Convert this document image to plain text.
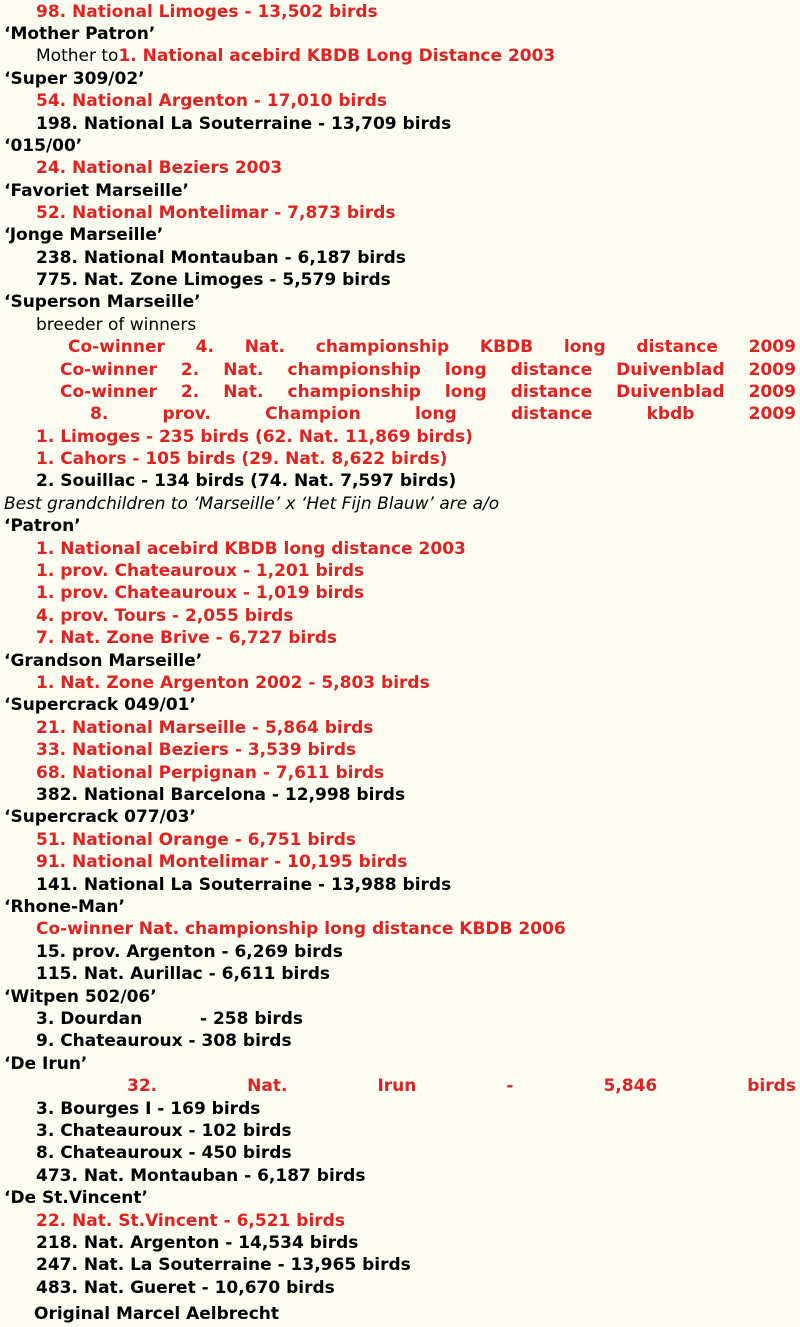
98. National Limoges - 13,502 birds
‘Mother Patron’
Mother to1. National acebird KBDB Long Distance 2003
‘Super 309/02’
54. National Argenton - 17,010 birds
198. National La Souterraine - 13,709 birds
‘015/00’
24. National Beziers 2003
‘Favoriet Marseille’
52. National Montelimar - 7,873 birds
‘Jonge Marseille’
238. National Montauban - 6,187 birds
775. Nat. Zone Limoges - 5,579 birds
‘Superson Marseille’
breeder of winners
Co-winner 4. Nat. championship KBDB long distance 2009
Co-winner 2. Nat. championship long distance Duivenblad 2009
Co-winner 2. Nat. championship long distance Duivenblad 2009
8.	prov.	Champion	long	distance	kbdb	2009
1. Limoges - 235 birds (62. Nat. 11,869 birds)
1. Cahors - 105 birds (29. Nat. 8,622 birds)
2. Souillac - 134 birds (74. Nat. 7,597 birds)
Best grandchildren to ‘Marseille’ x ‘Het Fijn Blauw’ are a/o
‘Patron’
1. National acebird KBDB long distance 2003
1. prov. Chateauroux - 1,201 birds
1. prov. Chateauroux - 1,019 birds
4. prov. Tours - 2,055 birds
7. Nat. Zone Brive - 6,727 birds
‘Grandson Marseille’
1. Nat. Zone Argenton 2002 - 5,803 birds
‘Supercrack 049/01’
21. National Marseille - 5,864 birds
33. National Beziers - 3,539 birds
68. National Perpignan - 7,611 birds
382. National Barcelona - 12,998 birds
‘Supercrack 077/03’
51. National Orange - 6,751 birds
91. National Montelimar - 10,195 birds
141. National La Souterraine - 13,988 birds
‘Rhone-Man’
Co-winner Nat. championship long distance KBDB 2006
15. prov. Argenton - 6,269 birds
115. Nat. Aurillac - 6,611 birds
‘Witpen 502/06’
3. Dourdan	- 258 birds
9. Chateauroux - 308 birds
‘De Irun’
32.	Nat.	Irun	-	5,846	birds
3. Bourges I - 169 birds
3. Chateauroux - 102 birds
8. Chateauroux - 450 birds
473. Nat. Montauban - 6,187 birds
‘De St.Vincent’
22. Nat. St.Vincent - 6,521 birds
218. Nat. Argenton - 14,534 birds
247. Nat. La Souterraine - 13,965 birds
483. Nat. Gueret - 10,670 birds
Original Marcel Aelbrecht
